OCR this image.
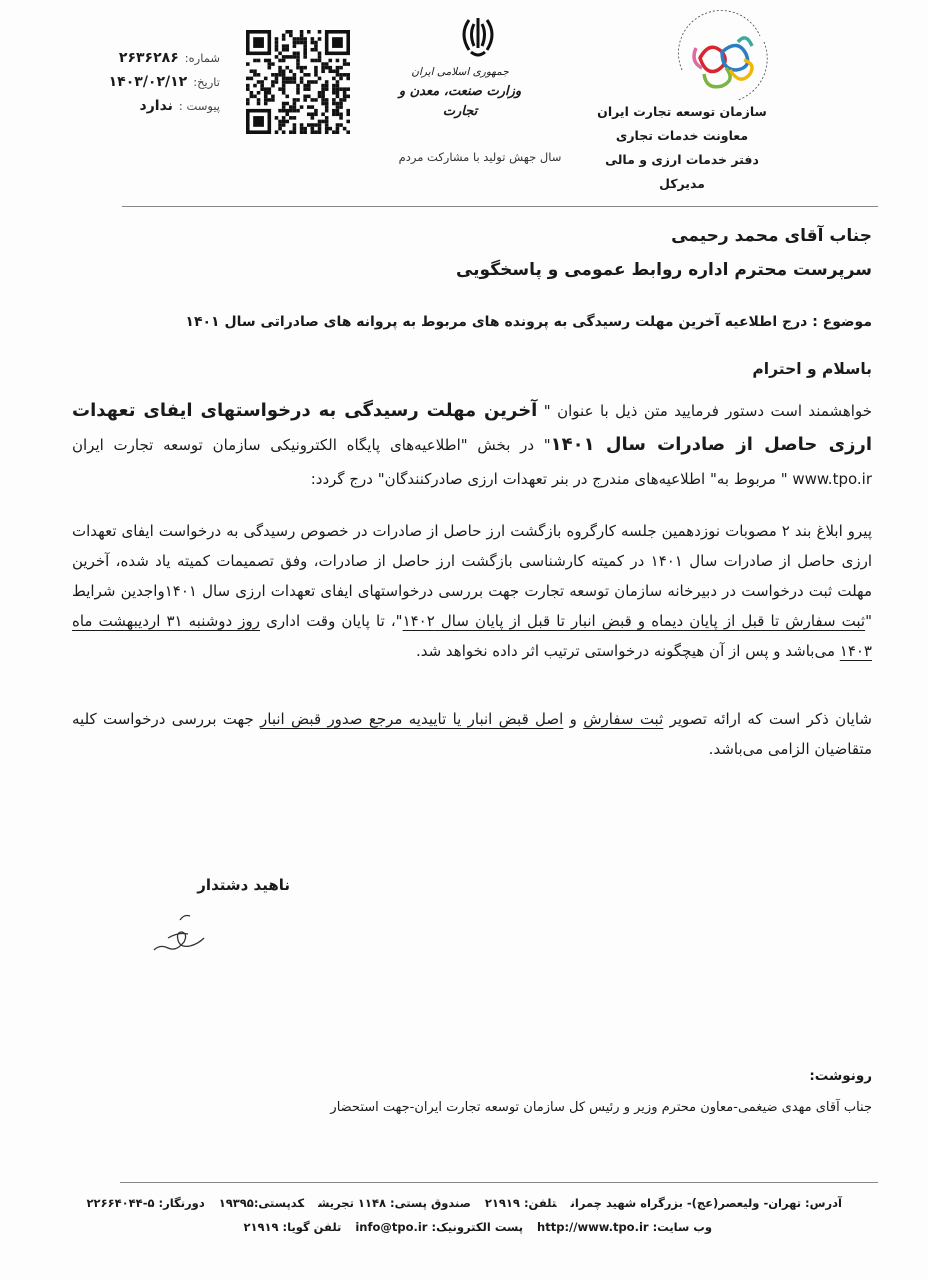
سازمان توسعه تجارت ایران
معاونت خدمات تجاری
دفتر خدمات ارزی و مالی
مدیرکل
جمهوری اسلامی ایران
وزارت صنعت، معدن و تجارت
سال جهش تولید با مشارکت مردم
شماره:
۲۶۳۶۲۸۶
تاریخ:
۱۴۰۳/۰۲/۱۲
پیوست :
ندارد
جناب آقای محمد رحیمی
سرپرست محترم اداره روابط عمومی و پاسخگویی
موضوع : درج اطلاعیه آخرین مهلت رسیدگی به پرونده های مربوط به پروانه های صادراتی سال ۱۴۰۱
باسلام و احترام
خواهشمند است دستور فرمایید متن ذیل با عنوان " آخرین مهلت رسیدگی به درخواستهای ایفای تعهدات ارزی حاصل از صادرات سال ۱۴۰۱" در بخش "اطلاعیه‌های پایگاه الکترونیکی سازمان توسعه تجارت ایران www.tpo.ir " مربوط به" اطلاعیه‌های مندرج در بنر تعهدات ارزی صادرکنندگان" درج گردد:
پیرو ابلاغ بند ۲ مصوبات نوزدهمین جلسه کارگروه بازگشت ارز حاصل از صادرات در خصوص رسیدگی به درخواست ایفای تعهدات ارزی حاصل از صادرات سال ۱۴۰۱ در کمیته کارشناسی بازگشت ارز حاصل از صادرات، وفق تصمیمات کمیته یاد شده، آخرین مهلت ثبت درخواست در دبیرخانه سازمان توسعه تجارت جهت بررسی درخواستهای ایفای تعهدات ارزی سال ۱۴۰۱واجدین شرایط "ثبت سفارش تا قبل از پایان دیماه و قبض انبار تا قبل از پایان سال ۱۴۰۲"، تا پایان وقت اداری روز دوشنبه ۳۱ اردیبهشت ماه ۱۴۰۳ می‌باشد و پس از آن هیچگونه درخواستی ترتیب اثر داده نخواهد شد.
شایان ذکر است که ارائه تصویر ثبت سفارش و اصل قبض انبار یا تاییدیه مرجع صدور قبض انبار جهت بررسی درخواست کلیه متقاضیان الزامی می‌باشد.
ناهید دشتدار
رونوشت:
جناب آقای مهدی ضیغمی-معاون محترم وزیر و رئیس کل سازمان توسعه تجارت ایران-جهت استحضار
آدرس: تهران- ولیعصر(عج)- بزرگراه شهید چمرانتلفن: ۲۱۹۱۹صندوق پستی: ۱۱۴۸ تجریشکدپستی:۱۹۳۹۵دورنگار: ۵-۲۲۶۶۴۰۴۴
وب سایت: http://www.tpo.irپست الکترونیک: info@tpo.irتلفن گویا: ۲۱۹۱۹
